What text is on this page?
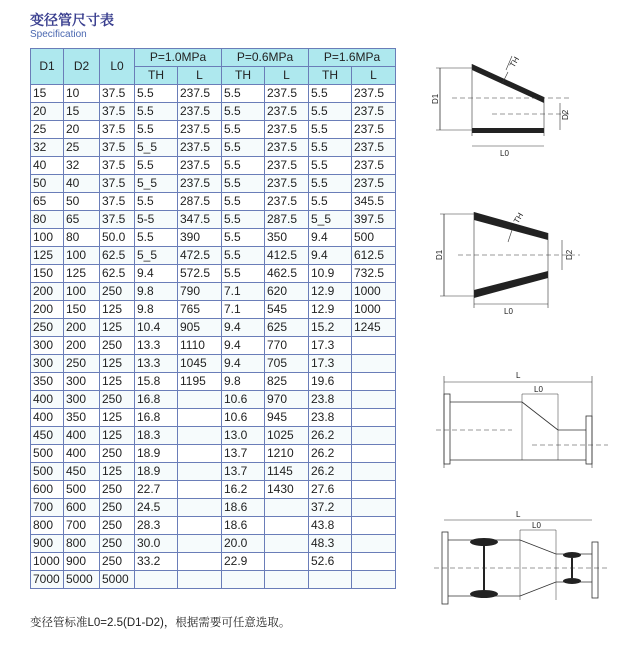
变径管尺寸表
Specification
D1	D2	L0	P=1.0MPa		P=0.6MPa		P=1.6MPa	
			TH	L	TH	L	TH	L
15	10	37.5	5.5	237.5	5.5	237.5	5.5	237.5
20	15	37.5	5.5	237.5	5.5	237.5	5.5	237.5
25	20	37.5	5.5	237.5	5.5	237.5	5.5	237.5
32	25	37.5	5_5	237.5	5.5	237.5	5.5	237.5
40	32	37.5	5.5	237.5	5.5	237.5	5.5	237.5
50	40	37.5	5_5	237.5	5.5	237.5	5.5	237.5
65	50	37.5	5.5	287.5	5.5	237.5	5.5	345.5
80	65	37.5	5-5	347.5	5.5	287.5	5_5	397.5
100	80	50.0	5.5	390	5.5	350	9.4	500
125	100	62.5	5_5	472.5	5.5	412.5	9.4	612.5
150	125	62.5	9.4	572.5	5.5	462.5	10.9	732.5
200	100	250	9.8	790	7.1	620	12.9	1000
200	150	125	9.8	765	7.1	545	12.9	1000
250	200	125	10.4	905	9.4	625	15.2	1245
300	200	250	13.3	1110	9.4	770	17.3	
300	250	125	13.3	1045	9.4	705	17.3	
350	300	125	15.8	1195	9.8	825	19.6	
400	300	250	16.8		10.6	970	23.8	
400	350	125	16.8		10.6	945	23.8	
450	400	125	18.3		13.0	1025	26.2	
500	400	250	18.9		13.7	1210	26.2	
500	450	125	18.9		13.7	1145	26.2	
600	500	250	22.7		16.2	1430	27.6	
700	600	250	24.5		18.6		37.2	
800	700	250	28.3		18.6		43.8	
900	800	250	30.0		20.0		48.3	
1000	900	250	33.2		22.9		52.6	
7000	5000	5000						
变径管标准L0=2.5(D1-D2)，根据需要可任意选取。
TH
D1
D2
L0
TH
D1	D2
L0
L
L0
L
L0
